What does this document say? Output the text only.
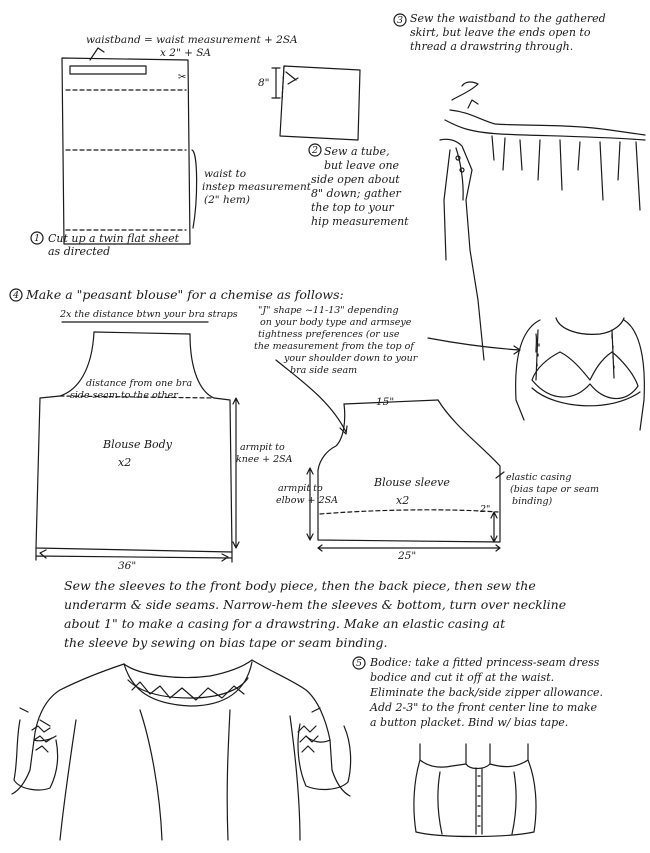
✂
waistband = waist measurement + 2SA
x 2" + SA
waist to
instep measurement
(2" hem)
1 Cut up a twin flat sheet
as directed
8"
2 Sew a tube,
but leave one
side open about
8" down; gather
the top to your
hip measurement
3 Sew the waistband to the gathered
skirt, but leave the ends open to
thread a drawstring through.
4 Make a "peasant blouse" for a chemise as follows:
2x the distance btwn your bra straps "J" shape ~11-13" depending
on your body type and armseye
tightness preferences (or use
the measurement from the top of
your shoulder down to your
bra side seam
distance from one bra
side seam to the other
Blouse Body
x2
armpit to
knee + 2SA
36"
15"
Blouse sleeve
x2
armpit to
elbow + 2SA
2"
elastic casing
(bias tape or seam
binding)
25"
Sew the sleeves to the front body piece, then the back piece, then sew the
underarm & side seams. Narrow-hem the sleeves & bottom, turn over neckline
about 1" to make a casing for a drawstring. Make an elastic casing at
the sleeve by sewing on bias tape or seam binding.
5 Bodice: take a fitted princess-seam dress
bodice and cut it off at the waist.
Eliminate the back/side zipper allowance.
Add 2-3" to the front center line to make
a button placket. Bind w/ bias tape.
